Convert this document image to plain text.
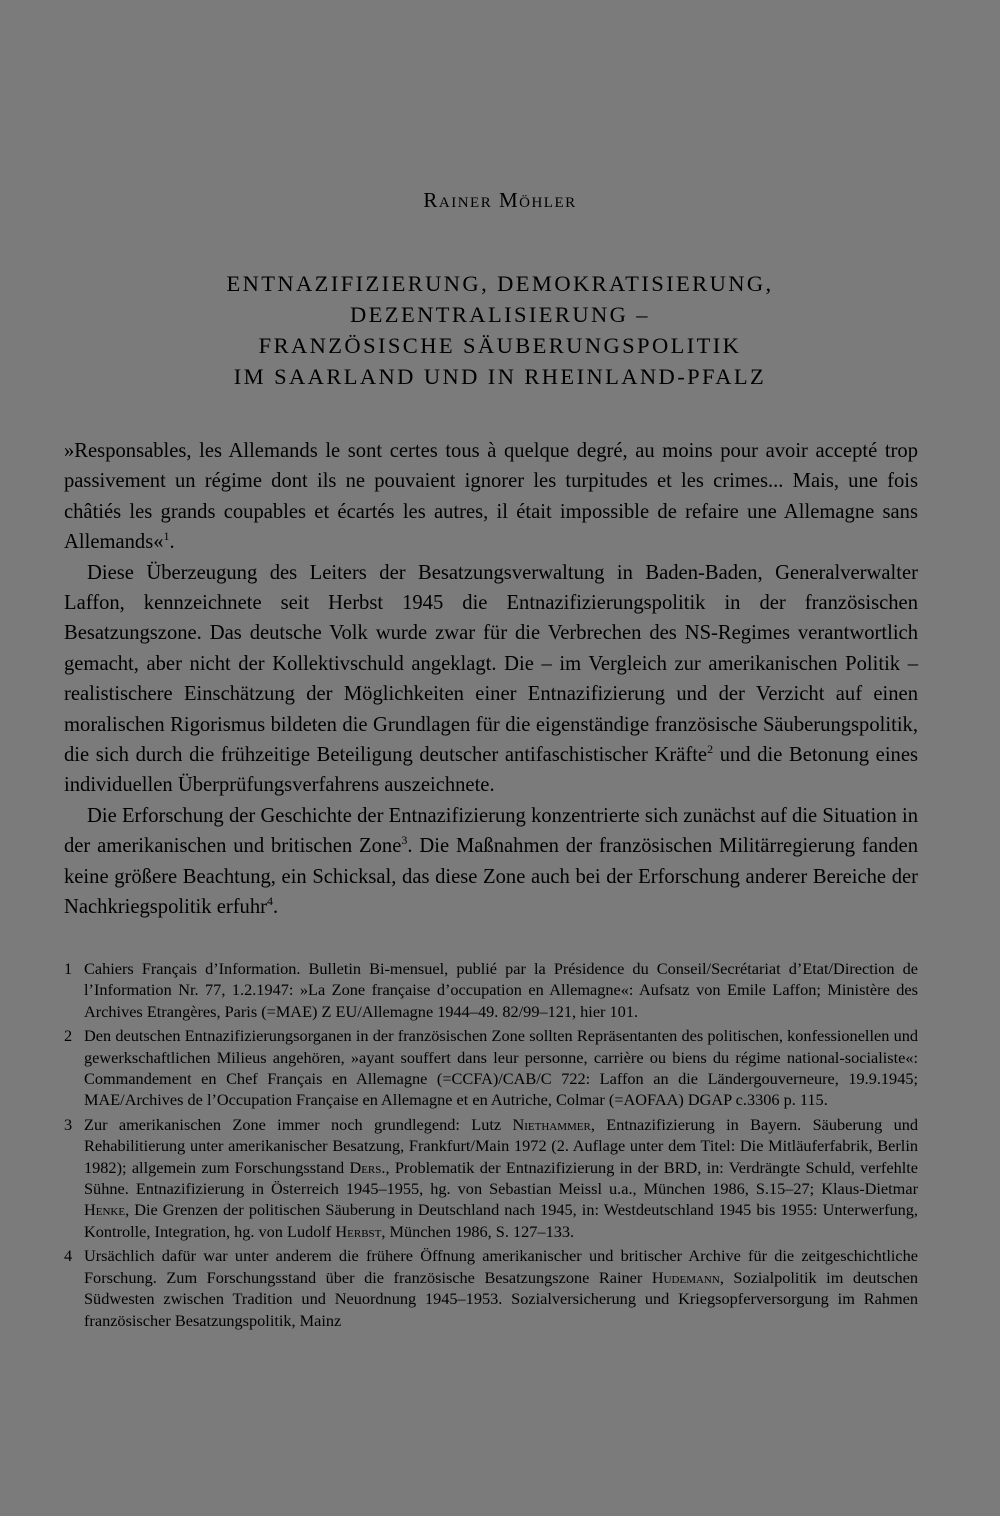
Rainer Möhler
ENTNAZIFIZIERUNG, DEMOKRATISIERUNG,
DEZENTRALISIERUNG –
FRANZÖSISCHE SÄUBERUNGSPOLITIK
IM SAARLAND UND IN RHEINLAND-PFALZ

»Responsables, les Allemands le sont certes tous à quelque degré, au moins pour avoir accepté trop passivement un régime dont ils ne pouvaient ignorer les turpitudes et les crimes... Mais, une fois châtiés les grands coupables et écartés les autres, il était impossible de refaire une Allemagne sans Allemands«$^1$.

Diese Überzeugung des Leiters der Besatzungsverwaltung in Baden-Baden, Generalverwalter Laffon, kennzeichnete seit Herbst 1945 die Entnazifizierungspolitik in der französischen Besatzungszone. Das deutsche Volk wurde zwar für die Verbrechen des NS-Regimes verantwortlich gemacht, aber nicht der Kollektivschuld angeklagt. Die – im Vergleich zur amerikanischen Politik – realistischere Einschätzung der Möglichkeiten einer Entnazifizierung und der Verzicht auf einen moralischen Rigorismus bildeten die Grundlagen für die eigenständige französische Säuberungspolitik, die sich durch die frühzeitige Beteiligung deutscher antifaschistischer Kräfte$^2$ und die Betonung eines individuellen Überprüfungsverfahrens auszeichnete.

Die Erforschung der Geschichte der Entnazifizierung konzentrierte sich zunächst auf die Situation in der amerikanischen und britischen Zone$^3$. Die Maßnahmen der französischen Militärregierung fanden keine größere Beachtung, ein Schicksal, das diese Zone auch bei der Erforschung anderer Bereiche der Nachkriegspolitik erfuhr$^4$.

1 Cahiers Français d’Information. Bulletin Bi-mensuel, publié par la Présidence du Conseil/Secrétariat d’Etat/Direction de l’Information Nr. 77, 1.2.1947: »La Zone française d’occupation en Allemagne«: Aufsatz von Emile Laffon; Ministère des Archives Etrangères, Paris (=MAE) Z EU/Allemagne 1944–49. 82/99–121, hier 101.
2 Den deutschen Entnazifizierungsorganen in der französischen Zone sollten Repräsentanten des politischen, konfessionellen und gewerkschaftlichen Milieus angehören, »ayant souffert dans leur personne, carrière ou biens du régime national-socialiste«: Commandement en Chef Français en Allemagne (=CCFA)/CAB/C 722: Laffon an die Ländergouverneure, 19.9.1945; MAE/Archives de l’Occupation Française en Allemagne et en Autriche, Colmar (=AOFAA) DGAP c.3306 p. 115.
3 Zur amerikanischen Zone immer noch grundlegend: Lutz Niethammer, Entnazifizierung in Bayern. Säuberung und Rehabilitierung unter amerikanischer Besatzung, Frankfurt/Main 1972 (2. Auflage unter dem Titel: Die Mitläuferfabrik, Berlin 1982); allgemein zum Forschungsstand Ders., Problematik der Entnazifizierung in der BRD, in: Verdrängte Schuld, verfehlte Sühne. Entnazifizierung in Österreich 1945–1955, hg. von Sebastian Meissl u.a., München 1986, S.15–27; Klaus-Dietmar Henke, Die Grenzen der politischen Säuberung in Deutschland nach 1945, in: Westdeutschland 1945 bis 1955: Unterwerfung, Kontrolle, Integration, hg. von Ludolf Herbst, München 1986, S. 127–133.
4 Ursächlich dafür war unter anderem die frühere Öffnung amerikanischer und britischer Archive für die zeitgeschichtliche Forschung. Zum Forschungsstand über die französische Besatzungszone Rainer Hudemann, Sozialpolitik im deutschen Südwesten zwischen Tradition und Neuordnung 1945–1953. Sozialversicherung und Kriegsopferversorgung im Rahmen französischer Besatzungspolitik, Mainz
